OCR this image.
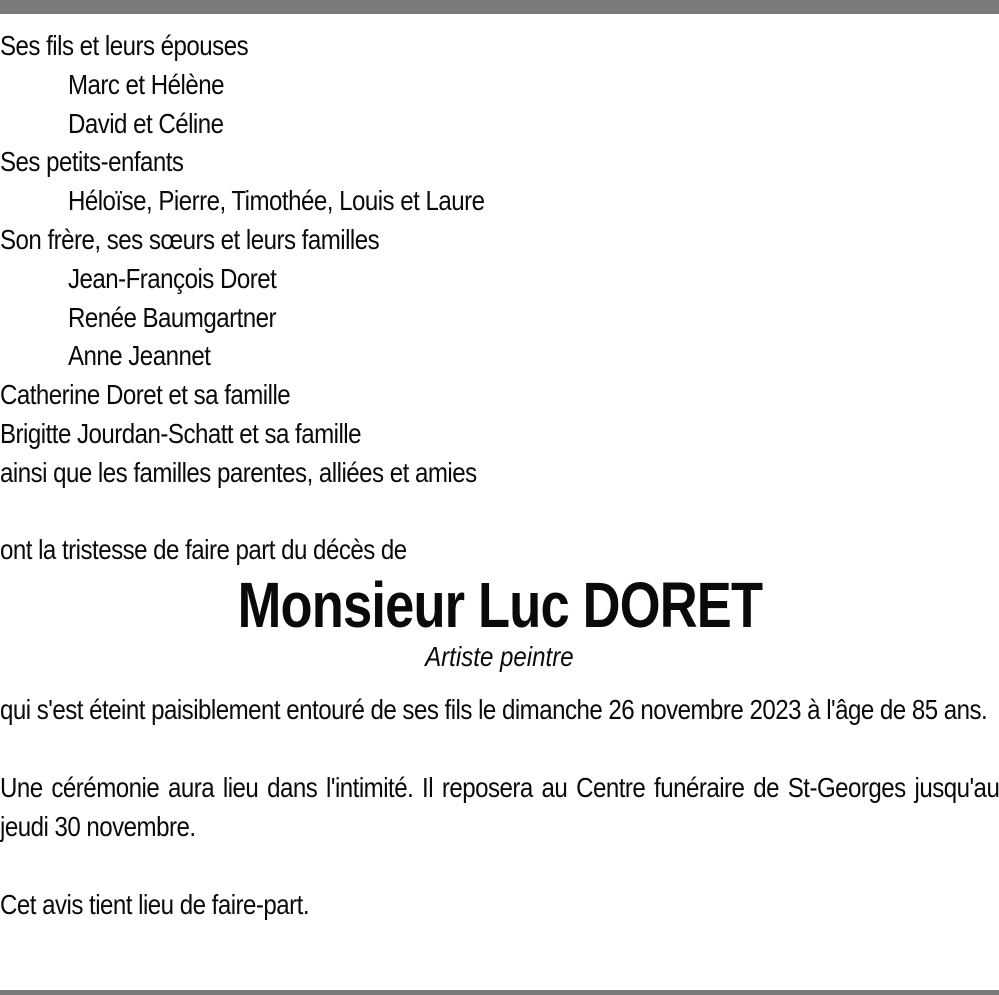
Ses fils et leurs épouses
Marc et Hélène
David et Céline
Ses petits-enfants
Héloïse, Pierre, Timothée, Louis et Laure
Son frère, ses sœurs et leurs familles
Jean-François Doret
Renée Baumgartner
Anne Jeannet
Catherine Doret et sa famille
Brigitte Jourdan-Schatt et sa famille
ainsi que les familles parentes, alliées et amies
ont la tristesse de faire part du décès de
Monsieur Luc DORET
Artiste peintre
qui s'est éteint paisiblement entouré de ses fils le dimanche 26 novembre 2023 à l'âge de 85 ans.
Une cérémonie aura lieu dans l'intimité. Il reposera au Centre funéraire de St-Georges jusqu'au jeudi 30 novembre.
Cet avis tient lieu de faire-part.
